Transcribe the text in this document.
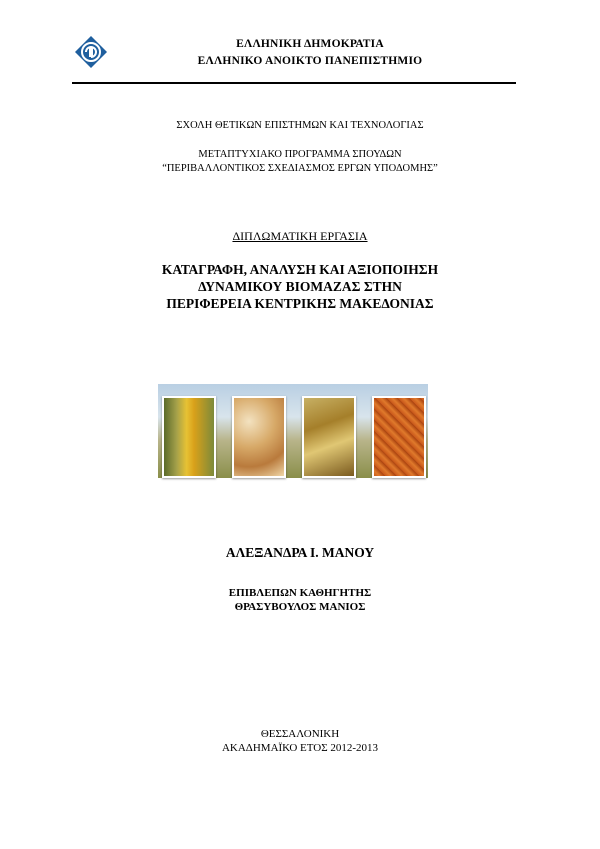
ΕΛΛΗΝΙΚΗ ΔΗΜΟΚΡΑΤΙΑ
ΕΛΛΗΝΙΚΟ ΑΝΟΙΚΤΟ ΠΑΝΕΠΙΣΤΗΜΙΟ
ΣΧΟΛΗ ΘΕΤΙΚΩΝ ΕΠΙΣΤΗΜΩΝ ΚΑΙ ΤΕΧΝΟΛΟΓΙΑΣ
ΜΕΤΑΠΤΥΧΙΑΚΟ ΠΡΟΓΡΑΜΜΑ ΣΠΟΥΔΩΝ
“ΠΕΡΙΒΑΛΛΟΝΤΙΚΟΣ ΣΧΕΔΙΑΣΜΟΣ ΕΡΓΩΝ ΥΠΟΔΟΜΗΣ”
ΔΙΠΛΩΜΑΤΙΚΗ ΕΡΓΑΣΙΑ
ΚΑΤΑΓΡΑΦΗ, ΑΝΑΛΥΣΗ ΚΑΙ ΑΞΙΟΠΟΙΗΣΗ
ΔΥΝΑΜΙΚΟΥ ΒΙΟΜΑΖΑΣ ΣΤΗΝ
ΠΕΡΙΦΕΡΕΙΑ ΚΕΝΤΡΙΚΗΣ ΜΑΚΕΔΟΝΙΑΣ
ΑΛΕΞΑΝΔΡΑ Ι. ΜΑΝΟΥ
ΕΠΙΒΛΕΠΩΝ ΚΑΘΗΓΗΤΗΣ
ΘΡΑΣΥΒΟΥΛΟΣ ΜΑΝΙΟΣ
ΘΕΣΣΑΛΟΝΙΚΗ
ΑΚΑΔΗΜΑΪΚΟ ΕΤΟΣ 2012-2013
